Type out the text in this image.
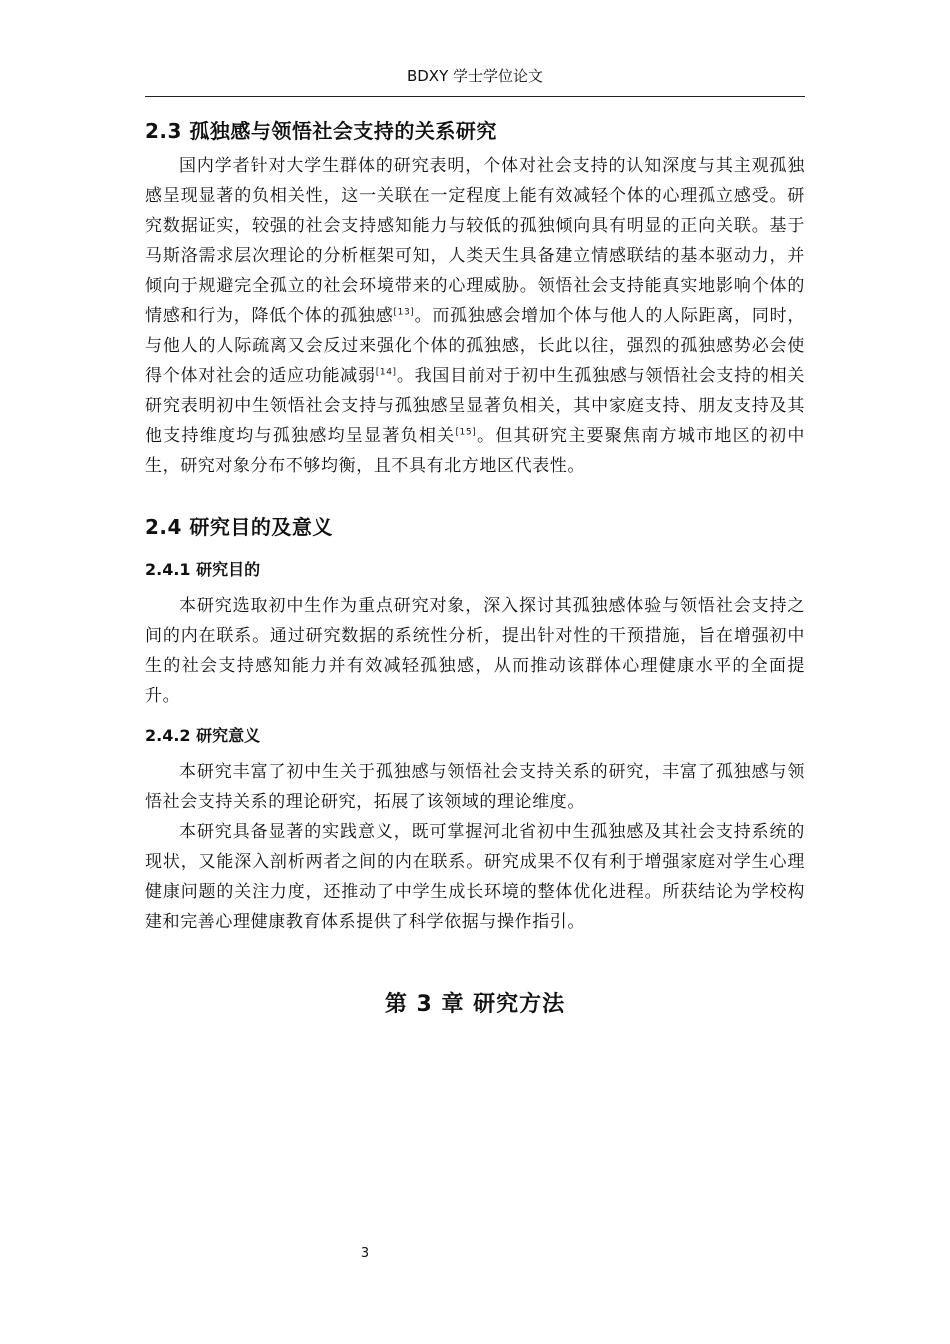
BDXY 学士学位论文
2.3 孤独感与领悟社会支持的关系研究

国内学者针对大学生群体的研究表明，个体对社会支持的认知深度与其主观孤独感呈现显著的负相关性，这一关联在一定程度上能有效减轻个体的心理孤立感受。研究数据证实，较强的社会支持感知能力与较低的孤独倾向具有明显的正向关联。基于马斯洛需求层次理论的分析框架可知，人类天生具备建立情感联结的基本驱动力，并倾向于规避完全孤立的社会环境带来的心理威胁。领悟社会支持能真实地影响个体的情感和行为，降低个体的孤独感[13]。而孤独感会增加个体与他人的人际距离，同时，与他人的人际疏离又会反过来强化个体的孤独感，长此以往，强烈的孤独感势必会使得个体对社会的适应功能减弱[14]。我国目前对于初中生孤独感与领悟社会支持的相关研究表明初中生领悟社会支持与孤独感呈显著负相关，其中家庭支持、朋友支持及其他支持维度均与孤独感均呈显著负相关[15]。但其研究主要聚焦南方城市地区的初中生，研究对象分布不够均衡，且不具有北方地区代表性。

2.4 研究目的及意义
2.4.1 研究目的

本研究选取初中生作为重点研究对象，深入探讨其孤独感体验与领悟社会支持之间的内在联系。通过研究数据的系统性分析，提出针对性的干预措施，旨在增强初中生的社会支持感知能力并有效减轻孤独感，从而推动该群体心理健康水平的全面提升。

2.4.2 研究意义

本研究丰富了初中生关于孤独感与领悟社会支持关系的研究，丰富了孤独感与领悟社会支持关系的理论研究，拓展了该领域的理论维度。

本研究具备显著的实践意义，既可掌握河北省初中生孤独感及其社会支持系统的现状，又能深入剖析两者之间的内在联系。研究成果不仅有利于增强家庭对学生心理健康问题的关注力度，还推动了中学生成长环境的整体优化进程。所获结论为学校构建和完善心理健康教育体系提供了科学依据与操作指引。

第 3 章 研究方法
3
